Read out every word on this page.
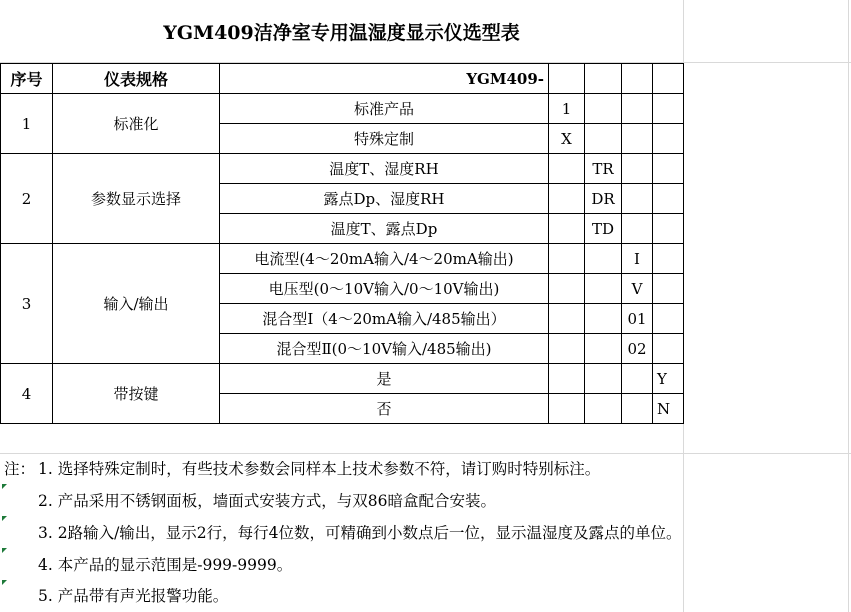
YGM409洁净室专用温湿度显示仪选型表
序号	仪表规格	YGM409-				
1	标准化	标准产品	1			
		特殊定制	X			
2	参数显示选择	温度T、湿度RH		TR		
		露点Dp、湿度RH		DR		
		温度T、露点Dp		TD		
3	输入/输出	电流型(4～20mA输入/4～20mA输出)			I	
		电压型(0～10V输入/0～10V输出)			V	
		混合型I（4～20mA输入/485输出）			01	
		混合型Ⅱ(0～10V输入/485输出)			02	
4	带按键	是				Y
		否				N
注： 1. 选择特殊定制时，有些技术参数会同样本上技术参数不符，请订购时特别标注。
2. 产品采用不锈钢面板，墙面式安装方式，与双86暗盒配合安装。
3. 2路输入/输出，显示2行，每行4位数，可精确到小数点后一位，显示温湿度及露点的单位。
4. 本产品的显示范围是-999-9999。
5. 产品带有声光报警功能。
